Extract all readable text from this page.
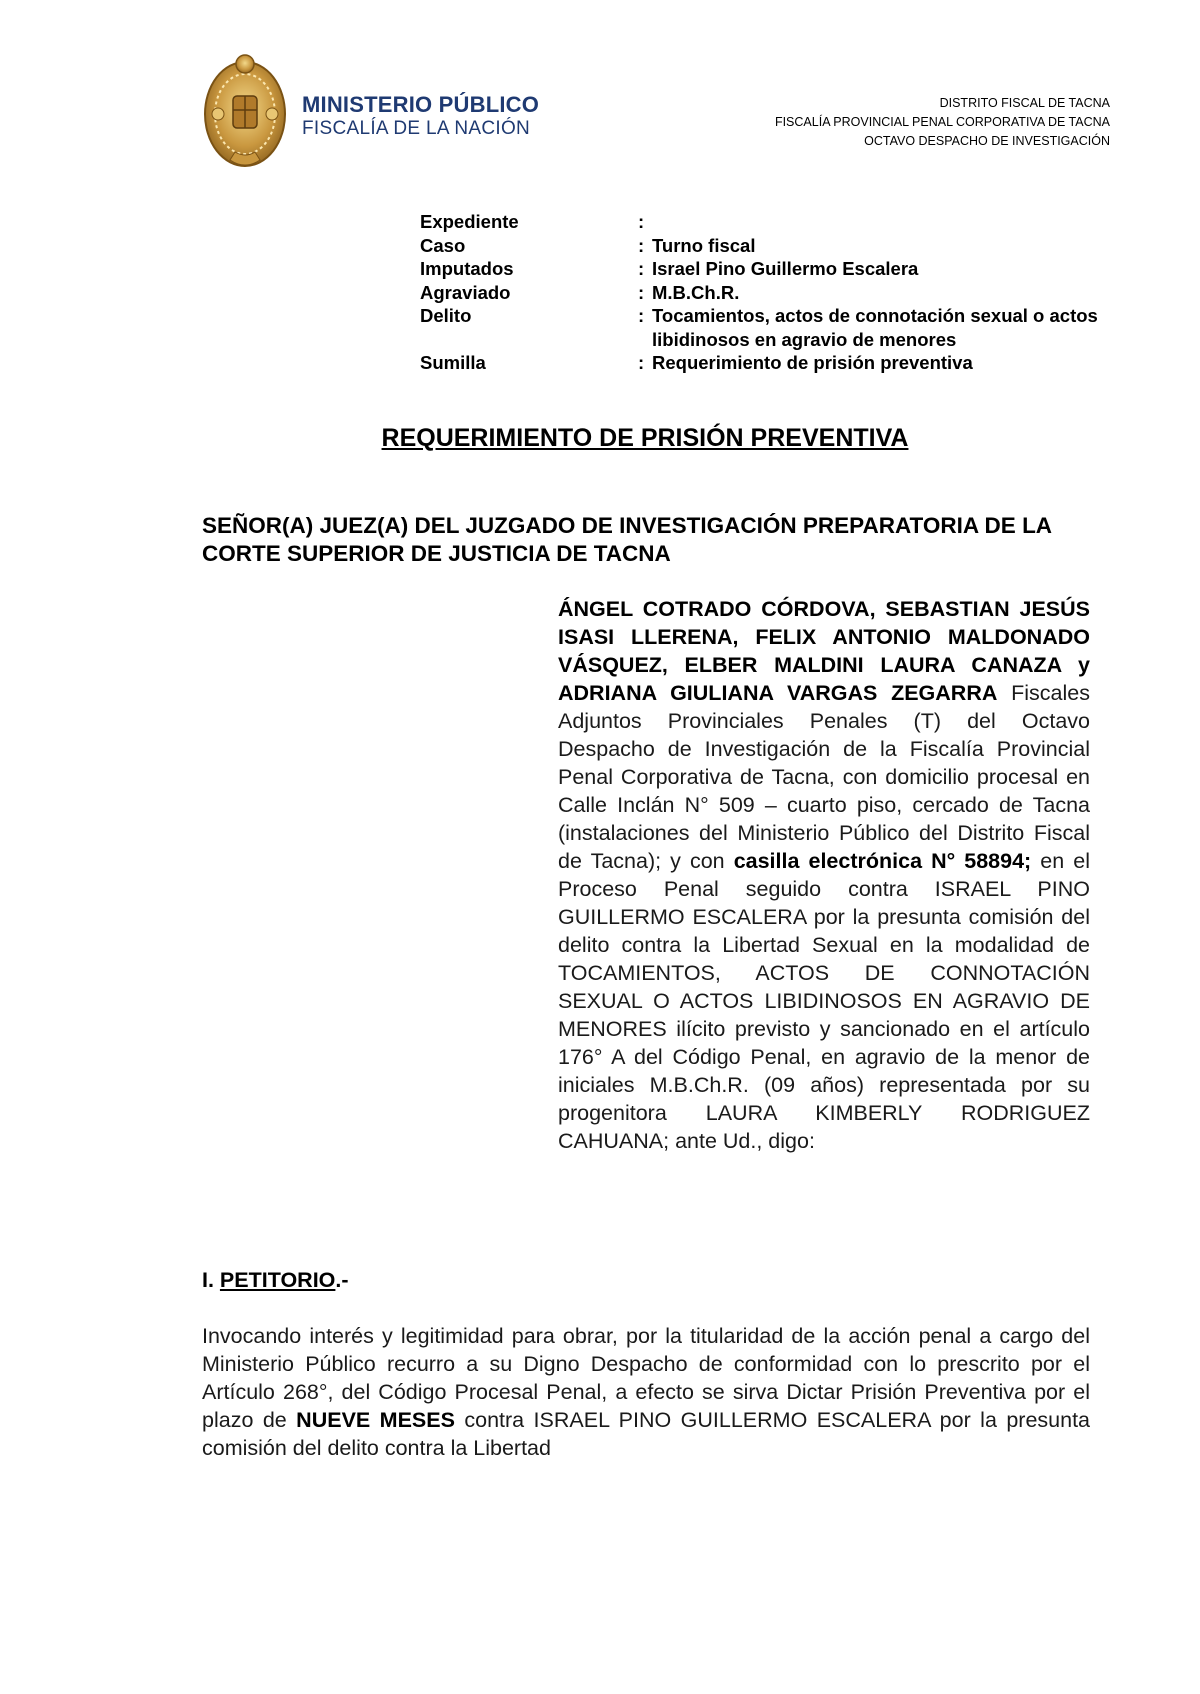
MINISTERIO PÚBLICO
FISCALÍA DE LA NACIÓN
DISTRITO FISCAL DE TACNA
FISCALÍA PROVINCIAL PENAL CORPORATIVA DE TACNA
OCTAVO DESPACHO DE INVESTIGACIÓN
Expediente	:
Caso	: Turno fiscal
Imputados	: Israel Pino Guillermo Escalera
Agraviado	: M.B.Ch.R.
Delito	: Tocamientos, actos de connotación sexual o actos libidinosos en agravio de menores
Sumilla	: Requerimiento de prisión preventiva
REQUERIMIENTO DE PRISIÓN PREVENTIVA
SEÑOR(A) JUEZ(A) DEL JUZGADO DE INVESTIGACIÓN PREPARATORIA DE LA CORTE SUPERIOR DE JUSTICIA DE TACNA
ÁNGEL COTRADO CÓRDOVA, SEBASTIAN JESÚS ISASI LLERENA, FELIX ANTONIO MALDONADO VÁSQUEZ, ELBER MALDINI LAURA CANAZA y ADRIANA GIULIANA VARGAS ZEGARRA Fiscales Adjuntos Provinciales Penales (T) del Octavo Despacho de Investigación de la Fiscalía Provincial Penal Corporativa de Tacna, con domicilio procesal en Calle Inclán N° 509 – cuarto piso, cercado de Tacna (instalaciones del Ministerio Público del Distrito Fiscal de Tacna); y con casilla electrónica N° 58894; en el Proceso Penal seguido contra ISRAEL PINO GUILLERMO ESCALERA por la presunta comisión del delito contra la Libertad Sexual en la modalidad de TOCAMIENTOS, ACTOS DE CONNOTACIÓN SEXUAL O ACTOS LIBIDINOSOS EN AGRAVIO DE MENORES ilícito previsto y sancionado en el artículo 176° A del Código Penal, en agravio de la menor de iniciales M.B.Ch.R. (09 años) representada por su progenitora LAURA KIMBERLY RODRIGUEZ CAHUANA; ante Ud., digo:
I. PETITORIO.-
Invocando interés y legitimidad para obrar, por la titularidad de la acción penal a cargo del Ministerio Público recurro a su Digno Despacho de conformidad con lo prescrito por el Artículo 268°, del Código Procesal Penal, a efecto se sirva Dictar Prisión Preventiva por el plazo de NUEVE MESES contra ISRAEL PINO GUILLERMO ESCALERA por la presunta comisión del delito contra la Libertad
